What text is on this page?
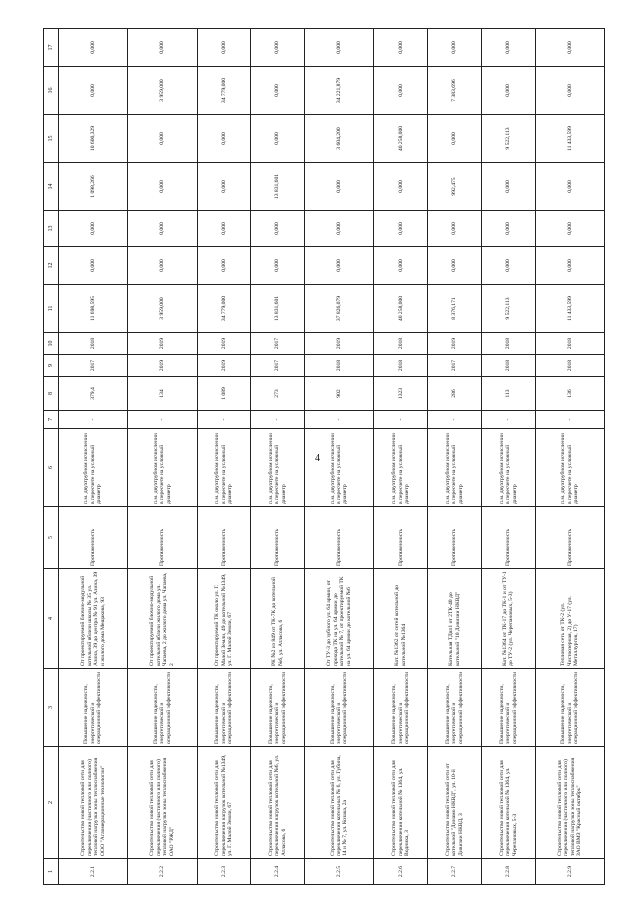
4
1	2	3	4	5	6	7	8	9	10	11	12	13	14	15	16	17
2.2.1	Строительство новой тепловой сети для переключения (частичного или полного) тепловой нагрузки зоны теплоснабжения ООО "Агломерационные технологии"	Повышение надежности, энергетической и операционной эффективности	От проектируемой блочно-модульной котельной вблизи школы № 35 ул. Азина, 39 до центра № 91 ул. Азина, 39 и жилого дома Мещакова, 93	Протяженность	п.м. двухтрубном исчислении в пересчете на условный диаметр	-	379,4	2017	2018	11 698,595	0,000	0,000	1 098,266	10 600,329	0,000	0,000
2.2.2	Строительство новой тепловой сети для переключения (частичного или полного) тепловой нагрузки зоны теплоснабжения ОАО "РЖД"	Повышение надежности, энергетической и операционной эффективности	От проектируемой блочно-модульной котельной вблизи жилого дома ул. Чапаева, 2 до жилого дома ул. Чапаева, 2	Протяженность	п.м. двухтрубном исчислении в пересчете на условный диаметр	-	134	2019	2019	3 959,000	0,000	0,000	0,000	0,000	3 959,000	0,000
2.2.3	Строительство новой тепловой сети для переключения нагрузок котельной №1349, ул. Г. Малой Земли, 67	Повышение надежности, энергетической и операционной эффективности	От проектируемой ТК около ул. Г. Малой Земли, 49 до котельной №1349, ул. Г. Малой Земли, 67	Протяженность	п.м. двухтрубном исчислении в пересчете на условный диаметр	-	1 089	2019	2019	34 779,000	0,000	0,000	0,000	0,000	34 779,000	0,000
2.2.4	Строительство новой тепловой сети для переключения нагрузок котельной №6, ул. Атласова, 6	Повышение надежности, энергетической и операционной эффективности	РК №2 из 849 от ТК-7К до котельной №6, ул. Атласова, 6	Протяженность	п.м. двухтрубном исчислении в пересчете на условный диаметр	-	273	2017	2017	13 831,601	0,000	0,000	13 831,601	0,000	0,000	0,000
2.2.5	Строительство новой тепловой сети для переключения котельных № 6, ул. Губина, 14 и № 7, ул. Козака, 2а	Повышение надежности, энергетической и операционной эффективности	От ТУ-3 до зубного ул. 64 армии, от прохода ТК на ул. 64 армии до котельной № 7, от проектируемой ТК на ул. 64 армии до котельной №6	Протяженность	п.м. двухтрубном исчислении в пересчете на условный диаметр	-	902	2018	2019	37 826,079	0,000	0,000	0,000	3 604,200	34 221,879	0,000
2.2.6	Строительство новой тепловой сети для переключения котельной № 1364, ул. Водника, 3	Повышение надежности, энергетической и операционной эффективности	Кот. №1362 от сетей котельной до котельной №1364	Протяженность	п.м. двухтрубном исчислении в пересчете на условный диаметр	-	1323	2018	2018	40 258,000	0,000	0,000	0,000	40 258,000	0,000	0,000
2.2.7	Строительство новой тепловой сети от котельной "Динамо НКВД", ул. 10-й Дивизии НКВД, 3	Повышение надежности, энергетической и операционной эффективности	Котельная ТДвп1 от 2ТК-40 до котельной "10 Дивизии НКВД"	Протяженность	п.м. двухтрубном исчислении в пересчете на условный диаметр	-	286	2017	2019	8 376,171	0,000	0,000	992,475	0,000	7 383,696	0,000
2.2.8	Строительство новой тепловой сети для переключения котельной № 1364, ул. Черепановых, 5-3	Повышение надежности, энергетической и операционной эффективности	Кот. №1364 от ТК-17 до ТК-1 и от ТУ-1 до ТУ-2 (ул. Черепановых, 5-3)	Протяженность	п.м. двухтрубном исчислении в пересчете на условный диаметр	-	113	2018	2018	9 522,113	0,000	0,000	0,000	9 522,113	0,000	0,000
2.2.9	Строительство новой тепловой сети для переключения (частичного или полного) тепловой нагрузки зоны теплоснабжения ЗАО ВМЗ "Красный октябрь"	Повышение надежности, энергетической и операционной эффективности	Тепловая сеть от ТК-2 (ул. Чистоозерная, 2) до У-17 (ул. Металлургов, 17)	Протяженность	п.м. двухтрубном исчислении в пересчете на условный диаметр	-	136	2018	2018	11 433,599	0,000	0,000	0,000	11 433,599	0,000	0,000
